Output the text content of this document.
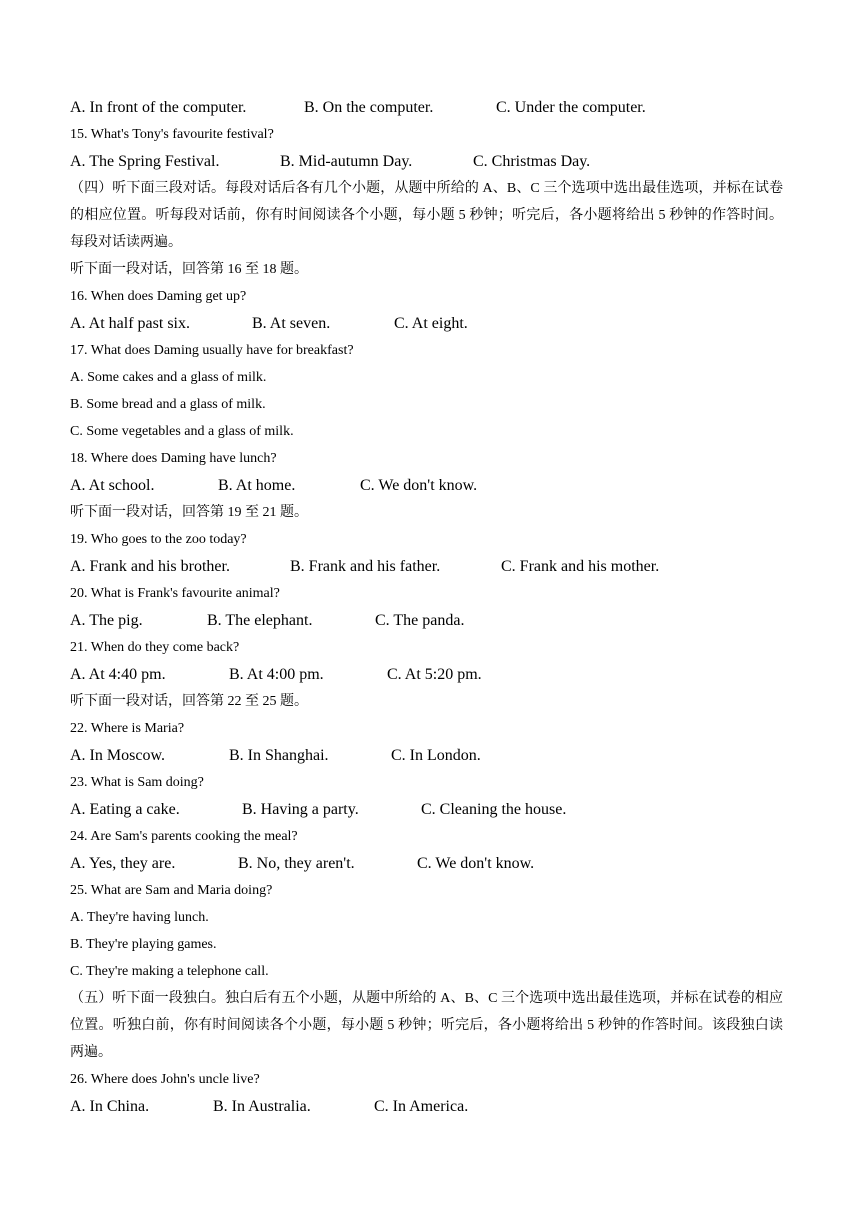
A. In front of the computer.	B. On the computer.	C. Under the computer.
15. What's Tony's favourite festival?
A. The Spring Festival.	B. Mid-autumn Day.	C. Christmas Day.
（四）听下面三段对话。每段对话后各有几个小题，从题中所给的 A、B、C 三个选项中选出最佳选项，并标在试卷的相应位置。听每段对话前，你有时间阅读各个小题，每小题 5 秒钟；听完后，各小题将给出 5 秒钟的作答时间。每段对话读两遍。
听下面一段对话，回答第 16 至 18 题。
16. When does Daming get up?
A. At half past six.	B. At seven.	C. At eight.
17. What does Daming usually have for breakfast?
A. Some cakes and a glass of milk.
B. Some bread and a glass of milk.
C. Some vegetables and a glass of milk.
18. Where does Daming have lunch?
A. At school.	B. At home.	C. We don't know.
听下面一段对话，回答第 19 至 21 题。
19. Who goes to the zoo today?
A. Frank and his brother.	B. Frank and his father.	C. Frank and his mother.
20. What is Frank's favourite animal?
A. The pig.	B. The elephant.	C. The panda.
21. When do they come back?
A. At 4:40 pm.	B. At 4:00 pm.	C. At 5:20 pm.
听下面一段对话，回答第 22 至 25 题。
22. Where is Maria?
A. In Moscow.	B. In Shanghai.	C. In London.
23. What is Sam doing?
A. Eating a cake.	B. Having a party.	C. Cleaning the house.
24. Are Sam's parents cooking the meal?
A. Yes, they are.	B. No, they aren't.	C. We don't know.
25. What are Sam and Maria doing?
A. They're having lunch.
B. They're playing games.
C. They're making a telephone call.
（五）听下面一段独白。独白后有五个小题，从题中所给的 A、B、C 三个选项中选出最佳选项，并标在试卷的相应位置。听独白前，你有时间阅读各个小题，每小题 5 秒钟；听完后，各小题将给出 5 秒钟的作答时间。该段独白读两遍。
26. Where does John's uncle live?
A. In China.	B. In Australia.	C. In America.
